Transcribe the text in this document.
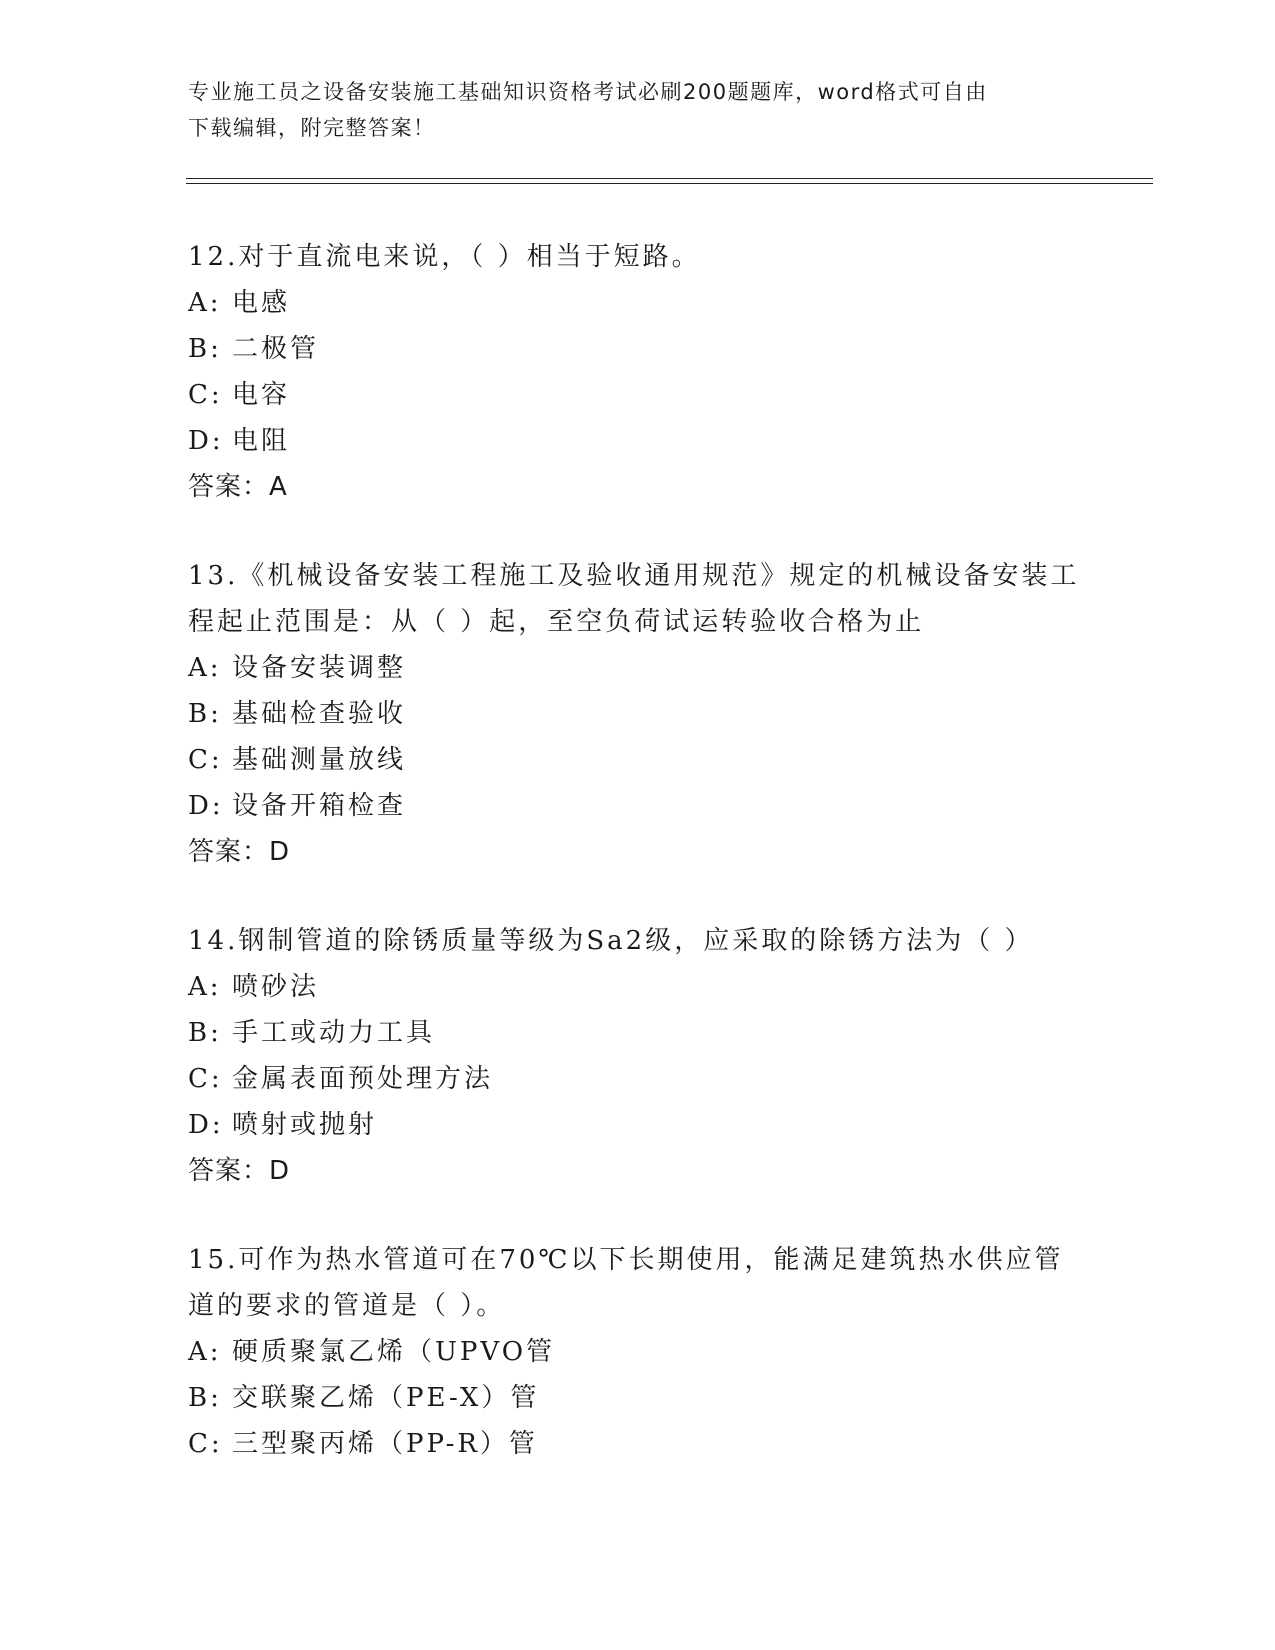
专业施工员之设备安装施工基础知识资格考试必刷200题题库，word格式可自由
下载编辑，附完整答案！
12.对于直流电来说，（ ）相当于短路。
A: 电感
B: 二极管
C: 电容
D: 电阻
答案：A
13.《机械设备安装工程施工及验收通用规范》规定的机械设备安装工程起止范围是：从（ ）起，至空负荷试运转验收合格为止
A: 设备安装调整
B: 基础检查验收
C: 基础测量放线
D: 设备开箱检查
答案：D
14.钢制管道的除锈质量等级为Sa2级，应采取的除锈方法为（ ）
A: 喷砂法
B: 手工或动力工具
C: 金属表面预处理方法
D: 喷射或抛射
答案：D
15.可作为热水管道可在70℃以下长期使用，能满足建筑热水供应管道的要求的管道是（ ）。
A: 硬质聚氯乙烯（UPVO管
B: 交联聚乙烯（PE-X）管
C: 三型聚丙烯（PP-R）管
